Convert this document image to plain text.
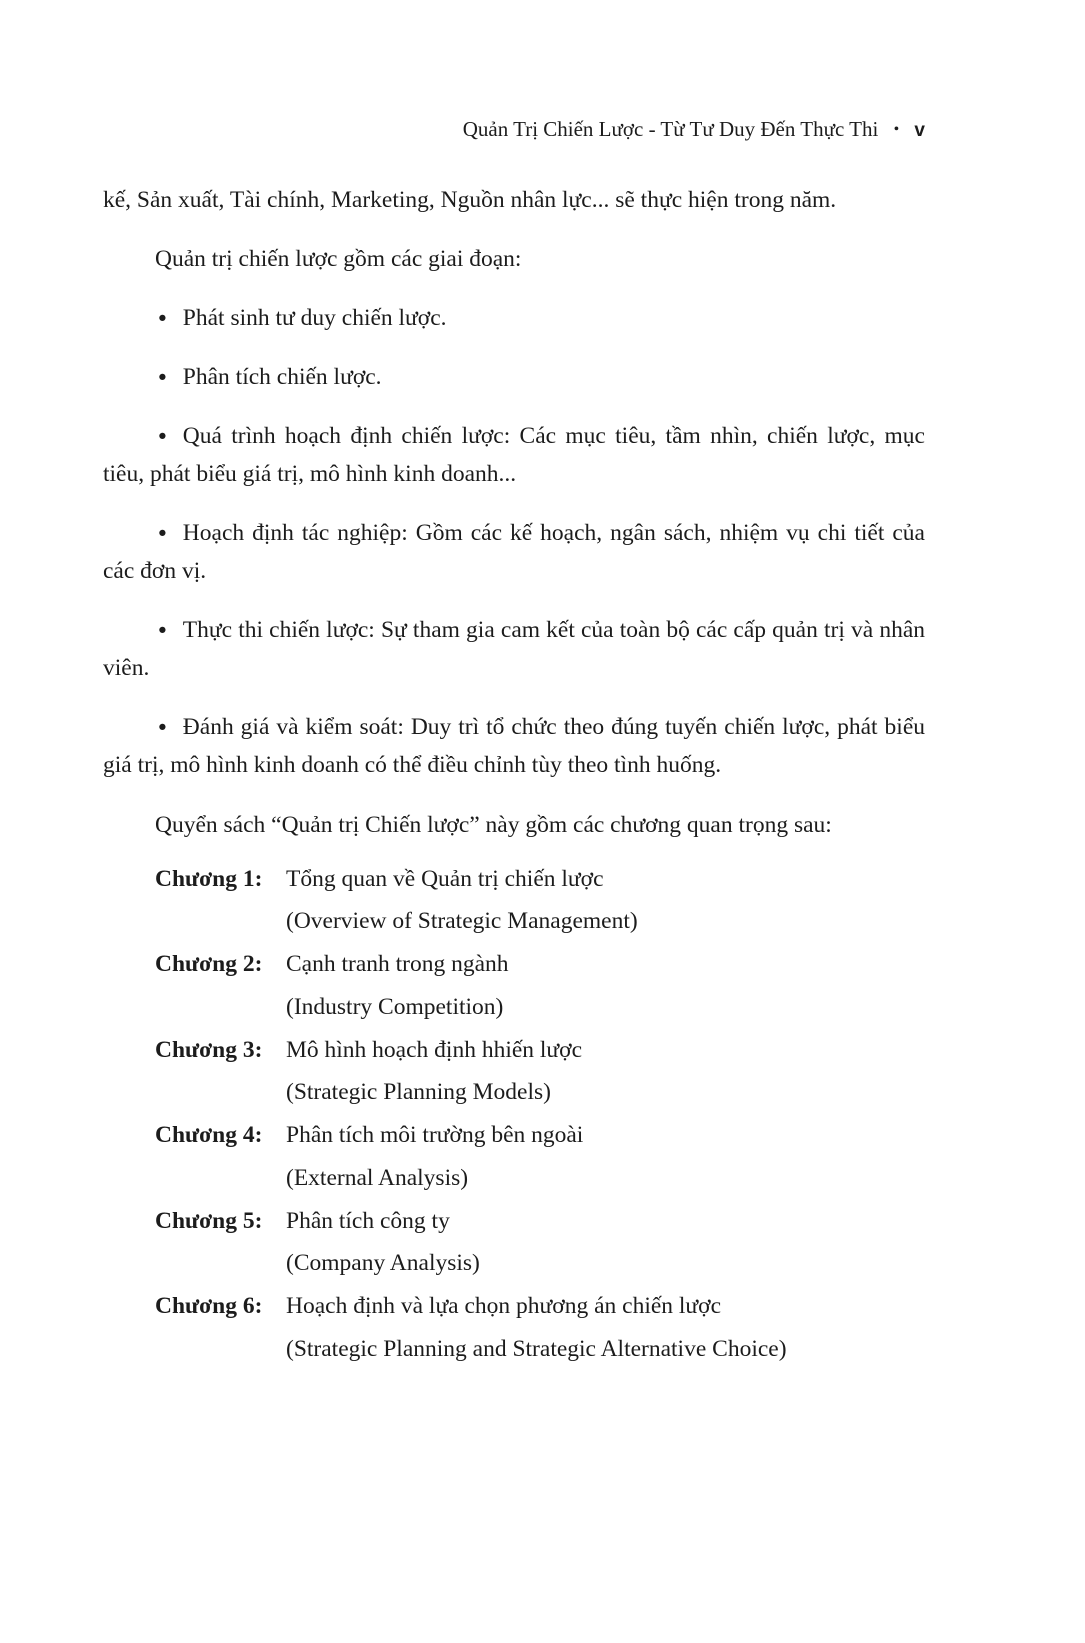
Quản Trị Chiến Lược - Từ Tư Duy Đến Thực Thi • v

kế, Sản xuất, Tài chính, Marketing, Nguồn nhân lực... sẽ thực hiện trong năm.

Quản trị chiến lược gồm các giai đoạn:

● Phát sinh tư duy chiến lược.

● Phân tích chiến lược.

● Quá trình hoạch định chiến lược: Các mục tiêu, tầm nhìn, chiến lược, mục tiêu, phát biểu giá trị, mô hình kinh doanh...

● Hoạch định tác nghiệp: Gồm các kế hoạch, ngân sách, nhiệm vụ chi tiết của các đơn vị.

● Thực thi chiến lược: Sự tham gia cam kết của toàn bộ các cấp quản trị và nhân viên.

● Đánh giá và kiểm soát: Duy trì tổ chức theo đúng tuyến chiến lược, phát biểu giá trị, mô hình kinh doanh có thể điều chỉnh tùy theo tình huống.

Quyển sách “Quản trị Chiến lược” này gồm các chương quan trọng sau:

Chương 1:	Tổng quan về Quản trị chiến lược
(Overview of Strategic Management)
Chương 2:	Cạnh tranh trong ngành
(Industry Competition)
Chương 3:	Mô hình hoạch định hhiến lược
(Strategic Planning Models)
Chương 4:	Phân tích môi trường bên ngoài
(External Analysis)
Chương 5:	Phân tích công ty
(Company Analysis)
Chương 6:	Hoạch định và lựa chọn phương án chiến lược
(Strategic Planning and Strategic Alternative Choice)
